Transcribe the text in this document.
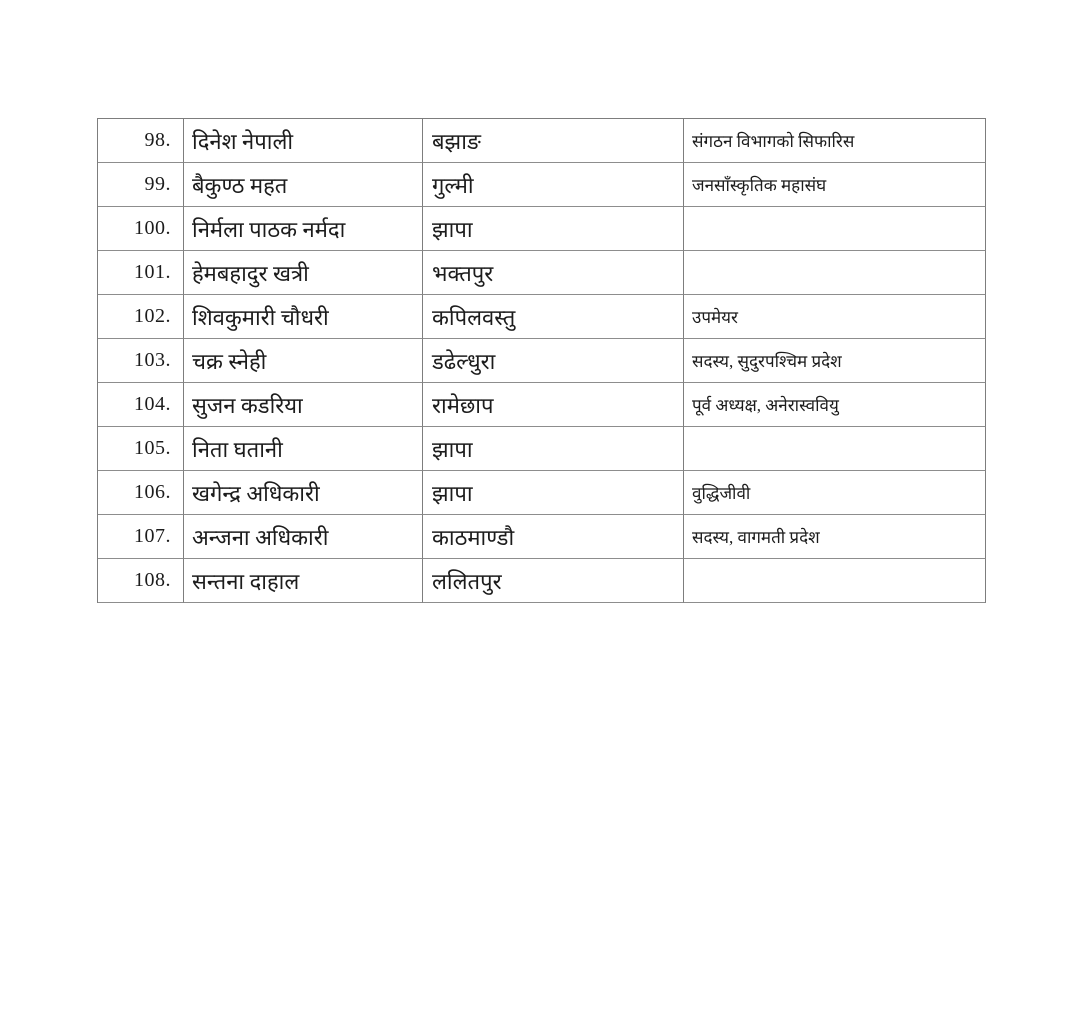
98. दिनेश नेपाली	बझाङ	संगठन विभागको सिफारिस
99. बैकुण्ठ महत	गुल्मी	जनसाँस्कृतिक महासंघ
100. निर्मला पाठक नर्मदा	झापा
101. हेमबहादुर खत्री	भक्तपुर
102. शिवकुमारी चौधरी	कपिलवस्तु	उपमेयर
103. चक्र स्नेही	डढेल्धुरा	सदस्य, सुदुरपश्चिम प्रदेश
104. सुजन कडरिया	रामेछाप	पूर्व अध्यक्ष, अनेरास्ववियु
105. निता घतानी	झापा
106. खगेन्द्र अधिकारी	झापा	वुद्धिजीवी
107. अन्जना अधिकारी	काठमाण्डौ	सदस्य, वागमती प्रदेश
108. सन्तना दाहाल	ललितपुर
